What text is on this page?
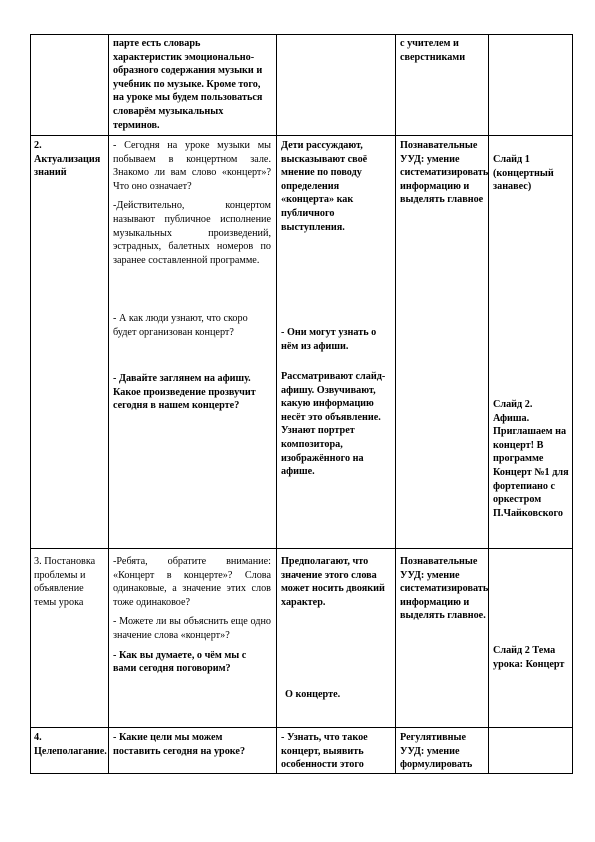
парте есть словарь характеристик эмоционально-образного содержания музыки и учебник по музыке. Кроме того, на уроке мы будем пользоваться словарём музыкальных терминов.

с учителем и сверстниками

2. Актуализация знаний

- Сегодня на уроке музыки мы побываем в концертном зале. Знакомо ли вам слово «концерт»? Что оно означает?

-Действительно, концертом называют публичное исполнение музыкальных произведений, эстрадных, балетных номеров по заранее составленной программе.

- А как люди узнают, что скоро будет организован концерт?

- Давайте заглянем на афишу. Какое произведение прозвучит сегодня в нашем концерте?

Дети рассуждают, высказывают своё мнение по поводу определения «концерта» как публичного выступления.

- Они могут узнать о нём из афиши.

Рассматривают слайд-афишу. Озвучивают, какую информацию несёт это объявление. Узнают портрет композитора, изображённого на афише.

Познавательные УУД: умение систематизировать информацию и выделять главное

Слайд 1 (концертный занавес)

Слайд 2. Афиша. Приглашаем на концерт! В программе Концерт №1 для фортепиано с оркестром П.Чайковского

3. Постановка проблемы и объявление темы урока

-Ребята, обратите внимание: «Концерт в концерте»? Слова одинаковые, а значение этих слов тоже одинаковое?

- Можете ли вы объяснить еще одно значение слова «концерт»?

- Как вы думаете, о чём мы с вами сегодня поговорим?

Предполагают, что значение этого слова может носить двоякий характер.

О концерте.

Познавательные УУД: умение систематизировать информацию и выделять главное.

Слайд 2 Тема урока: Концерт

4. Целеполагание.

- Какие цели мы можем поставить сегодня на уроке?

- Узнать, что такое концерт, выявить особенности этого

Регулятивные УУД: умение формулировать
